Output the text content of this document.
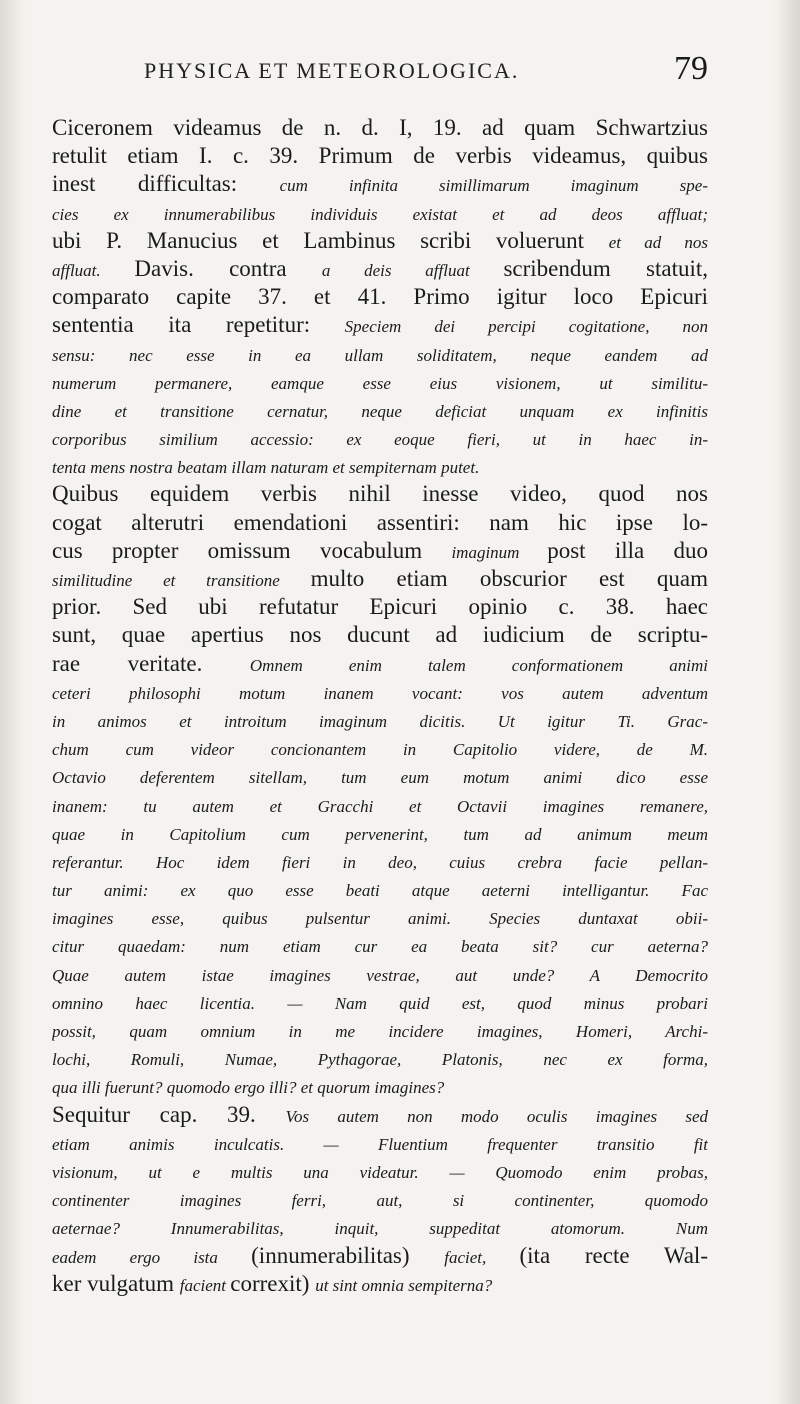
PHYSICA ET METEOROLOGICA.	79
Ciceronem videamus de n. d. I, 19. ad quam Schwartzius
retulit etiam I. c. 39. Primum de verbis videamus, quibus
inest difficultas: cum infinita simillimarum imaginum spe-
cies ex innumerabilibus individuis existat et ad deos affluat;
ubi P. Manucius et Lambinus scribi voluerunt et ad nos
affluat. Davis. contra a deis affluat scribendum statuit,
comparato capite 37. et 41. Primo igitur loco Epicuri
sententia ita repetitur: Speciem dei percipi cogitatione, non
sensu: nec esse in ea ullam soliditatem, neque eandem ad
numerum permanere, eamque esse eius visionem, ut similitu-
dine et transitione cernatur, neque deficiat unquam ex infinitis
corporibus similium accessio: ex eoque fieri, ut in haec in-
tenta mens nostra beatam illam naturam et sempiternam putet.
Quibus equidem verbis nihil inesse video, quod nos
cogat alterutri emendationi assentiri: nam hic ipse lo-
cus propter omissum vocabulum imaginum post illa duo
similitudine et transitione multo etiam obscurior est quam
prior. Sed ubi refutatur Epicuri opinio c. 38. haec
sunt, quae apertius nos ducunt ad iudicium de scriptu-
rae veritate. Omnem enim talem conformationem animi
ceteri philosophi motum inanem vocant: vos autem adventum
in animos et introitum imaginum dicitis. Ut igitur Ti. Grac-
chum cum videor concionantem in Capitolio videre, de M.
Octavio deferentem sitellam, tum eum motum animi dico esse
inanem: tu autem et Gracchi et Octavii imagines remanere,
quae in Capitolium cum pervenerint, tum ad animum meum
referantur. Hoc idem fieri in deo, cuius crebra facie pellan-
tur animi: ex quo esse beati atque aeterni intelligantur. Fac
imagines esse, quibus pulsentur animi. Species duntaxat obii-
citur quaedam: num etiam cur ea beata sit? cur aeterna?
Quae autem istae imagines vestrae, aut unde? A Democrito
omnino haec licentia. — Nam quid est, quod minus probari
possit, quam omnium in me incidere imagines, Homeri, Archi-
lochi, Romuli, Numae, Pythagorae, Platonis, nec ex forma,
qua illi fuerunt? quomodo ergo illi? et quorum imagines?
Sequitur cap. 39. Vos autem non modo oculis imagines sed
etiam animis inculcatis. — Fluentium frequenter transitio fit
visionum, ut e multis una videatur. — Quomodo enim probas,
continenter imagines ferri, aut, si continenter, quomodo
aeternae? Innumerabilitas, inquit, suppeditat atomorum. Num
eadem ergo ista (innumerabilitas) faciet, (ita recte Wal-
ker vulgatum facient correxit) ut sint omnia sempiterna?
